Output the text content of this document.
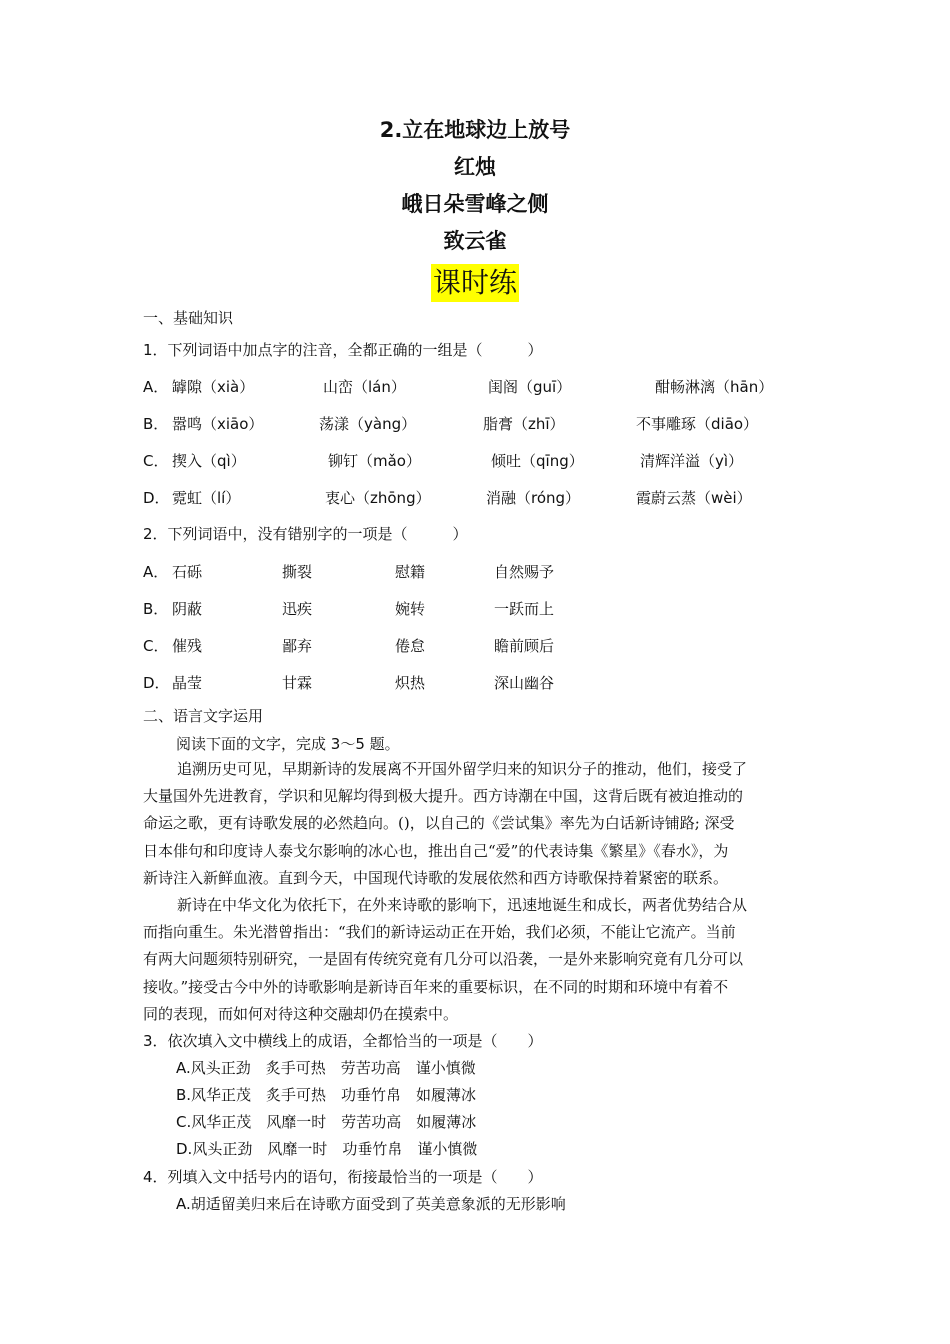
2.立在地球边上放号
红烛
峨日朵雪峰之侧
致云雀
课时练
一、基础知识
1．下列词语中加点字的注音，全都正确的一组是（　　　）
A． 罅隙（xià）	山峦（lán）	闺阁（guī）	酣畅淋漓（hān）
B． 嚣鸣（xiāo）	荡漾（yàng）	脂膏（zhī）	不事雕琢（diāo）
C． 揳入（qì）	铆钉（mǎo）	倾吐（qīng）	清辉洋溢（yì）
D． 霓虹（lí）	衷心（zhōng）	消融（róng）	霞蔚云蒸（wèi）
2．下列词语中，没有错别字的一项是（　　　）
A． 石砾	撕裂	慰籍	自然赐予
B． 阴蔽	迅疾	婉转	一跃而上
C． 催残	鄙弃	倦怠	瞻前顾后
D． 晶莹	甘霖	炽热	深山幽谷
二、语言文字运用
阅读下面的文字，完成 3～5 题。
追溯历史可见，早期新诗的发展离不开国外留学归来的知识分子的推动，他们，接受了
大量国外先进教育，学识和见解均得到极大提升。西方诗潮在中国，这背后既有被迫推动的
命运之歌，更有诗歌发展的必然趋向。()，以自己的《尝试集》率先为白话新诗铺路; 深受
日本俳句和印度诗人泰戈尔影响的冰心也，推出自己“爱”的代表诗集《繁星》《春水》，为
新诗注入新鲜血液。直到今天，中国现代诗歌的发展依然和西方诗歌保持着紧密的联系。
新诗在中华文化为依托下，在外来诗歌的影响下，迅速地诞生和成长，两者优势结合从
而指向重生。朱光潜曾指出：“我们的新诗运动正在开始，我们必须，不能让它流产。当前
有两大问题须特别研究，一是固有传统究竟有几分可以沿袭，一是外来影响究竟有几分可以
接收。”接受古今中外的诗歌影响是新诗百年来的重要标识，在不同的时期和环境中有着不
同的表现，而如何对待这种交融却仍在摸索中。
3．依次填入文中横线上的成语，全都恰当的一项是（　　）
A.风头正劲　炙手可热　劳苦功高　谨小慎微
B.风华正茂　炙手可热　功垂竹帛　如履薄冰
C.风华正茂　风靡一时　劳苦功高　如履薄冰
D.风头正劲　风靡一时　功垂竹帛　谨小慎微
4．列填入文中括号内的语句，衔接最恰当的一项是（　　）
A.胡适留美归来后在诗歌方面受到了英美意象派的无形影响
